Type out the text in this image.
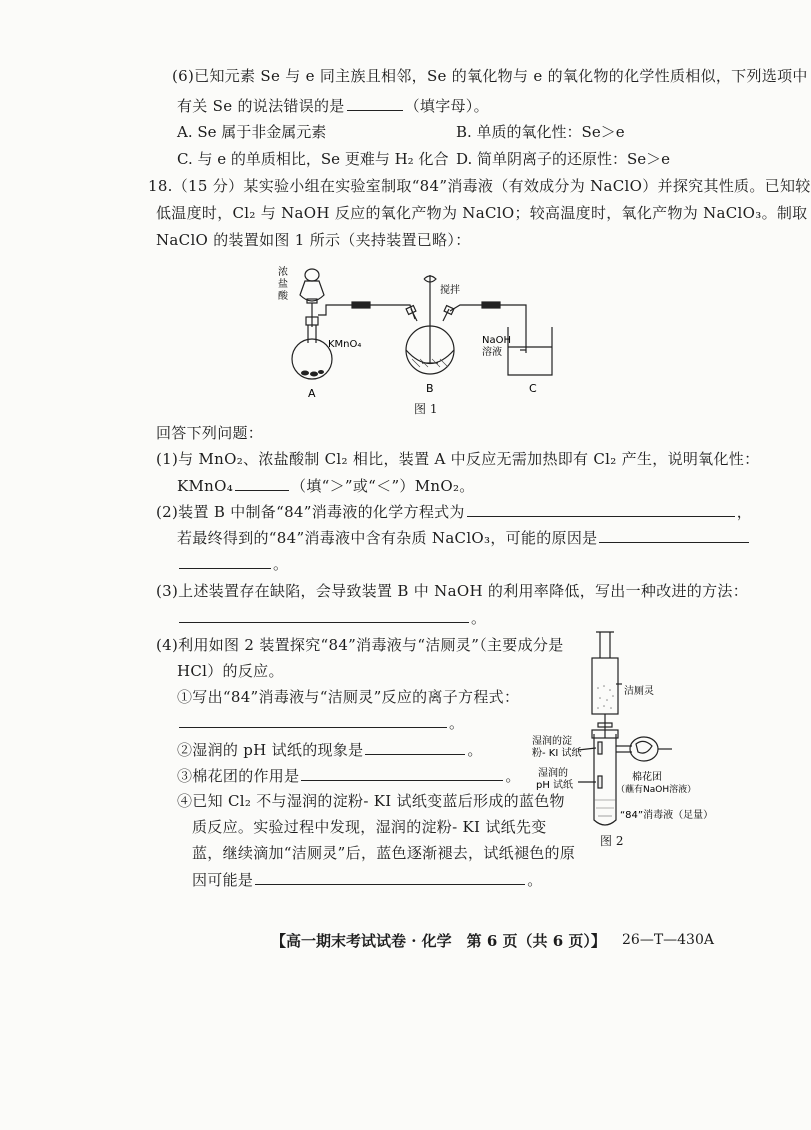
(6)已知元素 Se 与 e 同主族且相邻，Se 的氧化物与 e 的氧化物的化学性质相似，下列选项中
有关 Se 的说法错误的是	（填字母）。
A. Se 属于非金属元素	B. 单质的氧化性：Se＞e
C. 与 e 的单质相比，Se 更难与 H₂ 化合 D. 简单阴离子的还原性：Se＞e
18.（15 分）某实验小组在实验室制取“84”消毒液（有效成分为 NaClO）并探究其性质。已知较
低温度时，Cl₂ 与 NaOH 反应的氧化产物为 NaClO；较高温度时，氧化产物为 NaClO₃。制取
NaClO 的装置如图 1 所示（夹持装置已略）：
浓
盐
酸
KMnO₄
搅拌
NaOH
溶液
A	B	C
图 1
回答下列问题：
(1)与 MnO₂、浓盐酸制 Cl₂ 相比，装置 A 中反应无需加热即有 Cl₂ 产生，说明氧化性：
KMnO₄	（填“＞”或“＜”）MnO₂。
(2)装置 B 中制备“84”消毒液的化学方程式为	，
若最终得到的“84”消毒液中含有杂质 NaClO₃，可能的原因是
。
(3)上述装置存在缺陷，会导致装置 B 中 NaOH 的利用率降低，写出一种改进的方法：
。
(4)利用如图 2 装置探究“84”消毒液与“洁厕灵”（主要成分是
HCl）的反应。
①写出“84”消毒液与“洁厕灵”反应的离子方程式：
。
②湿润的 pH 试纸的现象是	。
③棉花团的作用是	。
④已知 Cl₂ 不与湿润的淀粉- KI 试纸变蓝后形成的蓝色物
质反应。实验过程中发现，湿润的淀粉- KI 试纸先变
蓝，继续滴加“洁厕灵”后，蓝色逐渐褪去，试纸褪色的原
因可能是	。
洁厕灵
湿润的淀
粉- KI 试纸
湿润的
pH 试纸
棉花团
（蘸有NaOH溶液）
“84”消毒液（足量）
图 2
【高一期末考试试卷 · 化学　第 6 页（共 6 页）】 26—T—430A
